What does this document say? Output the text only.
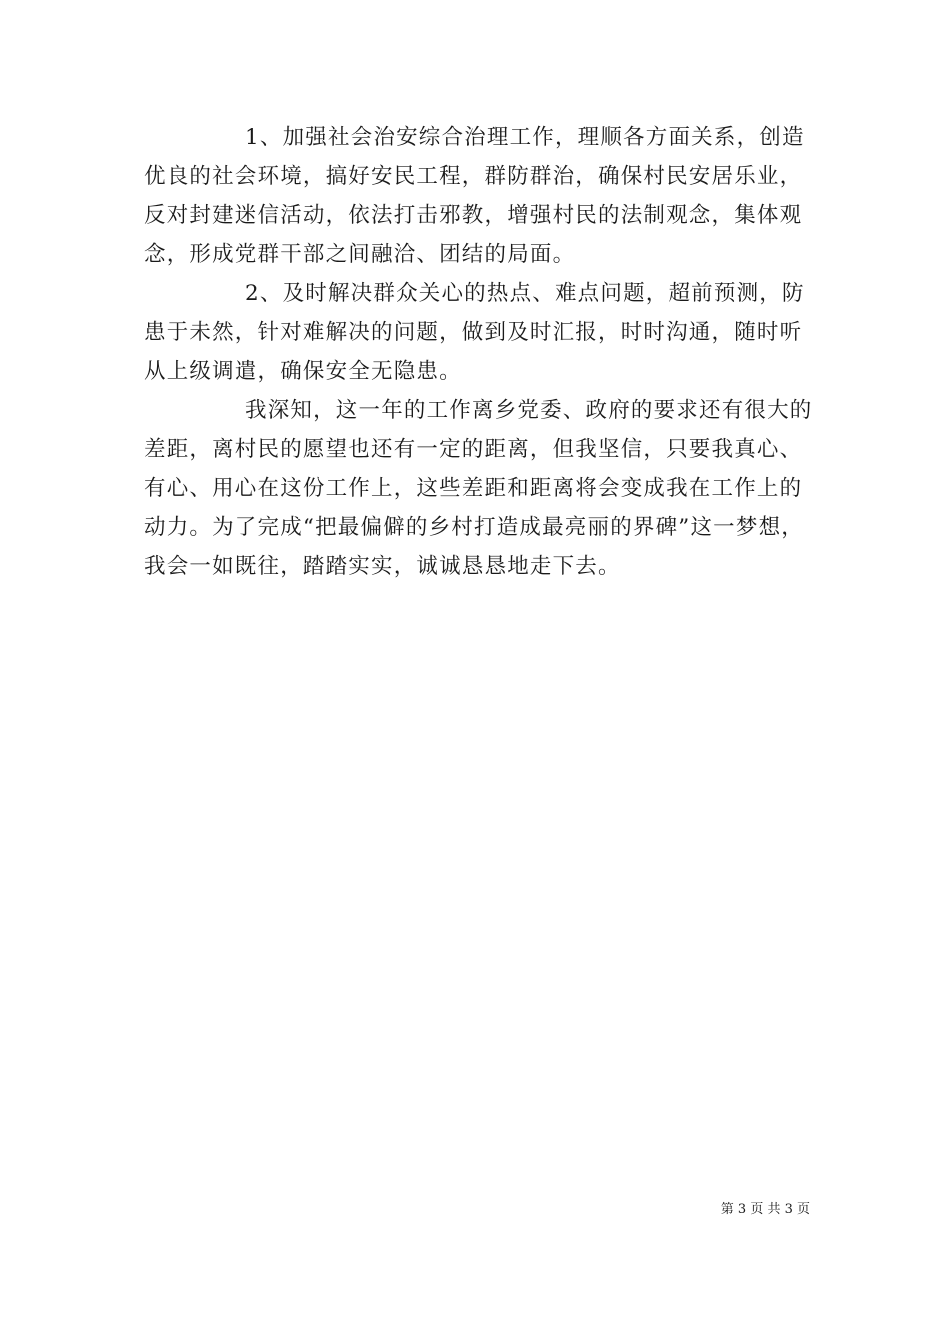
1、加强社会治安综合治理工作，理顺各方面关系，创造
优良的社会环境，搞好安民工程，群防群治，确保村民安居乐业，
反对封建迷信活动，依法打击邪教，增强村民的法制观念，集体观
念，形成党群干部之间融洽、团结的局面。
2、及时解决群众关心的热点、难点问题，超前预测，防
患于未然，针对难解决的问题，做到及时汇报，时时沟通，随时听
从上级调遣，确保安全无隐患。
我深知，这一年的工作离乡党委、政府的要求还有很大的
差距，离村民的愿望也还有一定的距离，但我坚信，只要我真心、
有心、用心在这份工作上，这些差距和距离将会变成我在工作上的
动力。为了完成“把最偏僻的乡村打造成最亮丽的界碑”这一梦想，
我会一如既往，踏踏实实，诚诚恳恳地走下去。
第 3 页 共 3 页
